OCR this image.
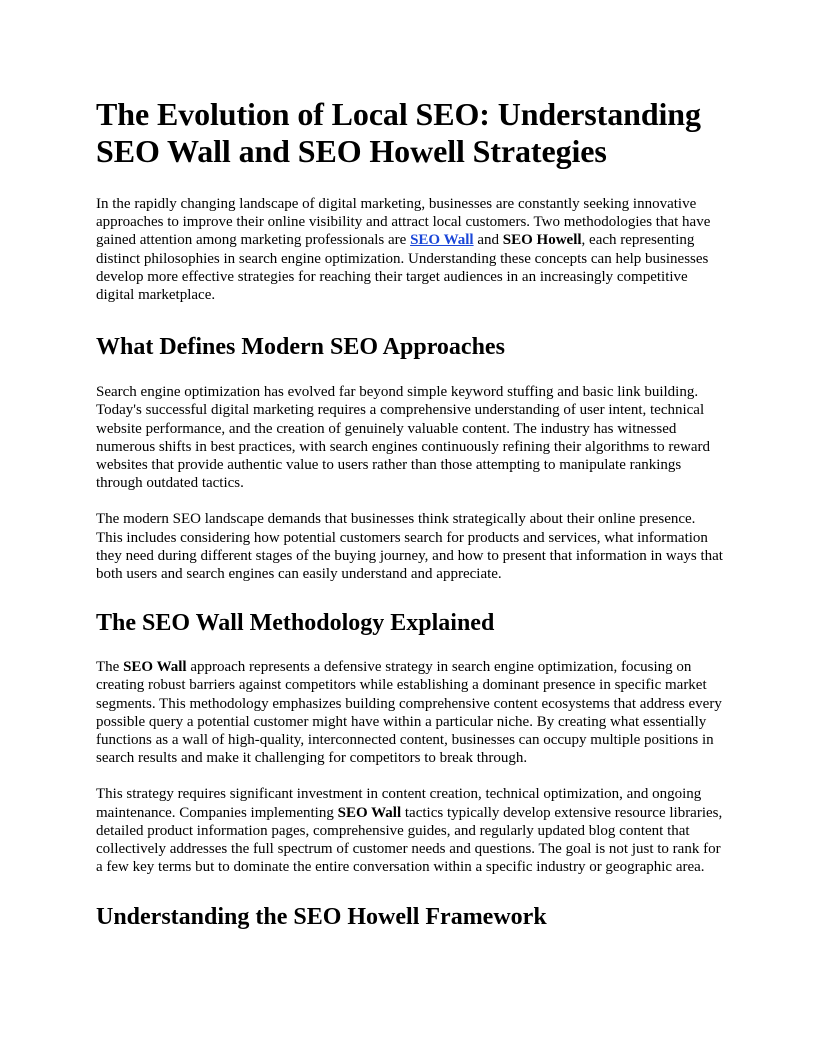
The Evolution of Local SEO: Understanding SEO Wall and SEO Howell Strategies

In the rapidly changing landscape of digital marketing, businesses are constantly seeking innovative approaches to improve their online visibility and attract local customers. Two methodologies that have gained attention among marketing professionals are SEO Wall and SEO Howell, each representing distinct philosophies in search engine optimization. Understanding these concepts can help businesses develop more effective strategies for reaching their target audiences in an increasingly competitive digital marketplace.

What Defines Modern SEO Approaches

Search engine optimization has evolved far beyond simple keyword stuffing and basic link building. Today's successful digital marketing requires a comprehensive understanding of user intent, technical website performance, and the creation of genuinely valuable content. The industry has witnessed numerous shifts in best practices, with search engines continuously refining their algorithms to reward websites that provide authentic value to users rather than those attempting to manipulate rankings through outdated tactics.

The modern SEO landscape demands that businesses think strategically about their online presence. This includes considering how potential customers search for products and services, what information they need during different stages of the buying journey, and how to present that information in ways that both users and search engines can easily understand and appreciate.

The SEO Wall Methodology Explained

The SEO Wall approach represents a defensive strategy in search engine optimization, focusing on creating robust barriers against competitors while establishing a dominant presence in specific market segments. This methodology emphasizes building comprehensive content ecosystems that address every possible query a potential customer might have within a particular niche. By creating what essentially functions as a wall of high-quality, interconnected content, businesses can occupy multiple positions in search results and make it challenging for competitors to break through.

This strategy requires significant investment in content creation, technical optimization, and ongoing maintenance. Companies implementing SEO Wall tactics typically develop extensive resource libraries, detailed product information pages, comprehensive guides, and regularly updated blog content that collectively addresses the full spectrum of customer needs and questions. The goal is not just to rank for a few key terms but to dominate the entire conversation within a specific industry or geographic area.

Understanding the SEO Howell Framework
